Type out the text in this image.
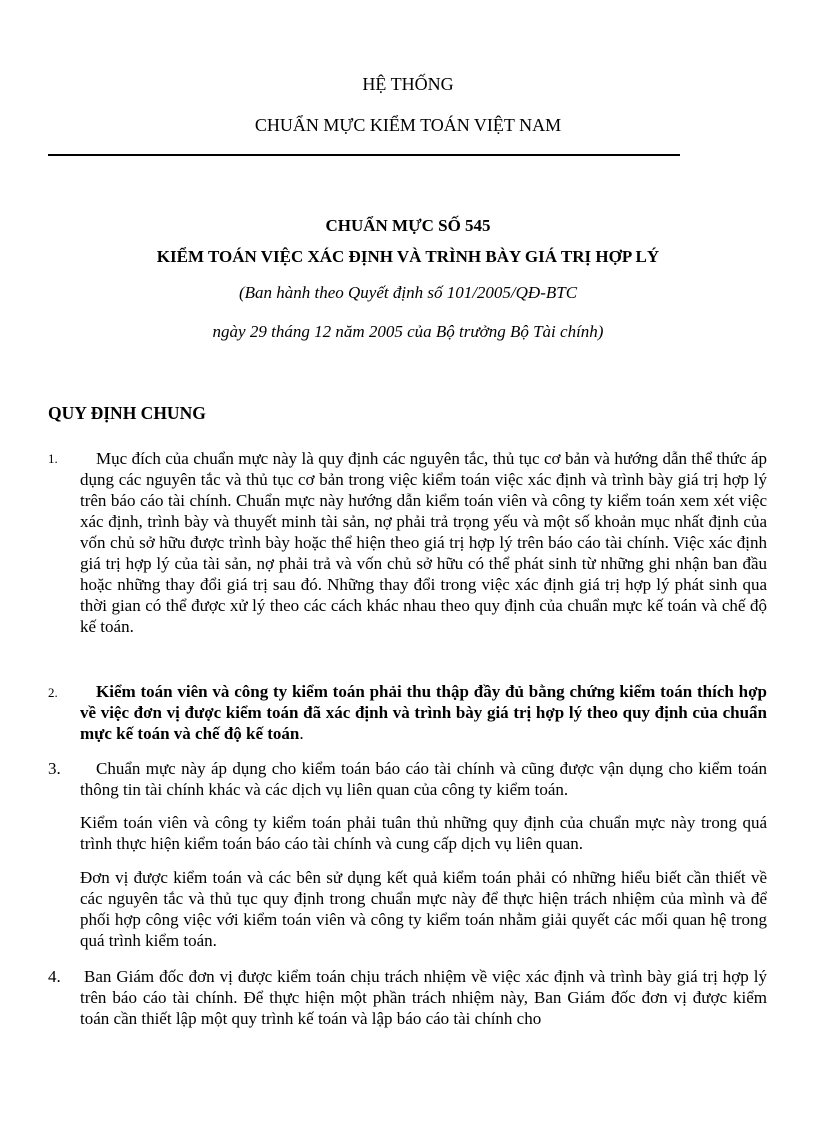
HỆ THỐNG
CHUẨN MỰC KIỂM TOÁN VIỆT NAM
CHUẨN MỰC SỐ 545
KIỂM TOÁN VIỆC XÁC ĐỊNH VÀ TRÌNH BÀY GIÁ TRỊ HỢP LÝ
(Ban hành theo Quyết định số 101/2005/QĐ-BTC
ngày 29 tháng 12 năm 2005 của Bộ trưởng Bộ Tài chính)
QUY ĐỊNH CHUNG
1.	Mục đích của chuẩn mực này là quy định các nguyên tắc, thủ tục cơ bản và hướng dẫn thể thức áp dụng các nguyên tắc và thủ tục cơ bản trong việc kiểm toán việc xác định và trình bày giá trị hợp lý trên báo cáo tài chính. Chuẩn mực này hướng dẫn kiểm toán viên và công ty kiểm toán xem xét việc xác định, trình bày và thuyết minh tài sản, nợ phải trả trọng yếu và một số khoản mục nhất định của vốn chủ sở hữu được trình bày hoặc thể hiện theo giá trị hợp lý trên báo cáo tài chính. Việc xác định giá trị hợp lý của tài sản, nợ phải trả và vốn chủ sở hữu có thể phát sinh từ những ghi nhận ban đầu hoặc những thay đổi giá trị sau đó. Những thay đổi trong việc xác định giá trị hợp lý phát sinh qua thời gian có thể được xử lý theo các cách khác nhau theo quy định của chuẩn mực kế toán và chế độ kế toán.
2.	Kiểm toán viên và công ty kiểm toán phải thu thập đầy đủ bằng chứng kiểm toán thích hợp về việc đơn vị được kiểm toán đã xác định và trình bày giá trị hợp lý theo quy định của chuẩn mực kế toán và chế độ kế toán.
3.	Chuẩn mực này áp dụng cho kiểm toán báo cáo tài chính và cũng được vận dụng cho kiểm toán thông tin tài chính khác và các dịch vụ liên quan của công ty kiểm toán.
Kiểm toán viên và công ty kiểm toán phải tuân thủ những quy định của chuẩn mực này trong quá trình thực hiện kiểm toán báo cáo tài chính và cung cấp dịch vụ liên quan.
Đơn vị được kiểm toán và các bên sử dụng kết quả kiểm toán phải có những hiểu biết cần thiết về các nguyên tắc và thủ tục quy định trong chuẩn mực này để thực hiện trách nhiệm của mình và để phối hợp công việc với kiểm toán viên và công ty kiểm toán nhằm giải quyết các mối quan hệ trong quá trình kiểm toán.
4. Ban Giám đốc đơn vị được kiểm toán chịu trách nhiệm về việc xác định và trình bày giá trị hợp lý trên báo cáo tài chính. Để thực hiện một phần trách nhiệm này, Ban Giám đốc đơn vị được kiểm toán cần thiết lập một quy trình kế toán và lập báo cáo tài chính cho
